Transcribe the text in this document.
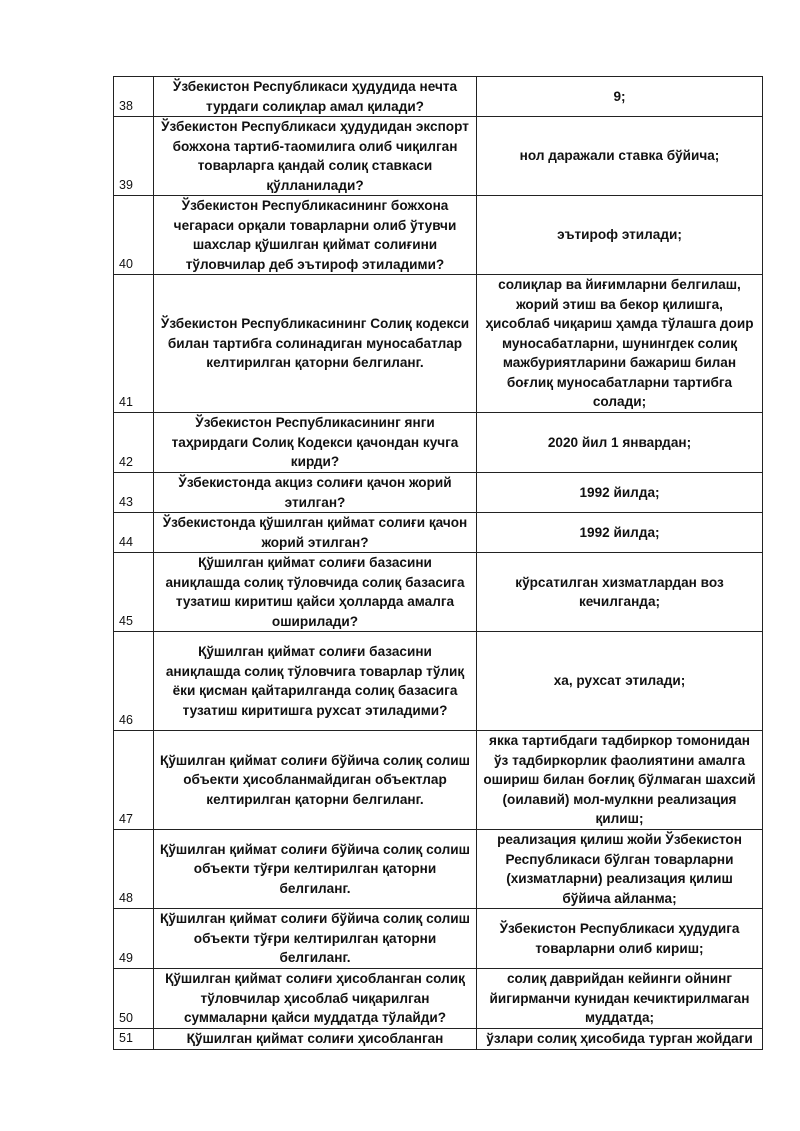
38	Ўзбекистон Республикаси ҳудудида нечта турдаги солиқлар амал қилади?	9;
39	Ўзбекистон Республикаси ҳудудидан экспорт божхона тартиб-таомилига олиб чиқилган товарларга қандай солиқ ставкаси қўлланилади?	нол даражали ставка бўйича;
40	Ўзбекистон Республикасининг божхона чегараси орқали товарларни олиб ўтувчи шахслар қўшилган қиймат солиғини тўловчилар деб эътироф этиладими?	эътироф этилади;
41	Ўзбекистон Республикасининг Солиқ кодекси билан тартибга солинадиган муносабатлар келтирилган қаторни белгиланг.	солиқлар ва йиғимларни белгилаш, жорий этиш ва бекор қилишга, ҳисоблаб чиқариш ҳамда тўлашга доир муносабатларни, шунингдек солиқ мажбуриятларини бажариш билан боғлиқ муносабатларни тартибга солади;
42	Ўзбекистон Республикасининг янги таҳрирдаги Солиқ Кодекси қачондан кучга кирди?	2020 йил 1 январдан;
43	Ўзбекистонда акциз солиғи қачон жорий этилган?	1992 йилда;
44	Ўзбекистонда қўшилган қиймат солиғи қачон жорий этилган?	1992 йилда;
45	Қўшилган қиймат солиғи базасини аниқлашда солиқ тўловчида солиқ базасига тузатиш киритиш қайси ҳолларда амалга оширилади?	кўрсатилган хизматлардан воз кечилганда;
46	Қўшилган қиймат солиғи базасини аниқлашда солиқ тўловчига товарлар тўлиқ ёки қисман қайтарилганда солиқ базасига тузатиш киритишга рухсат этиладими?	ха, рухсат этилади;
47	Қўшилган қиймат солиғи бўйича солиқ солиш объекти ҳисобланмайдиган объектлар келтирилган қаторни белгиланг.	якка тартибдаги тадбиркор томонидан ўз тадбиркорлик фаолиятини амалга ошириш билан боғлиқ бўлмаган шахсий (оилавий) мол-мулкни реализация қилиш;
48	Қўшилган қиймат солиғи бўйича солиқ солиш объекти тўғри келтирилган қаторни белгиланг.	реализация қилиш жойи Ўзбекистон Республикаси бўлган товарларни (хизматларни) реализация қилиш бўйича айланма;
49	Қўшилган қиймат солиғи бўйича солиқ солиш объекти тўғри келтирилган қаторни белгиланг.	Ўзбекистон Республикаси ҳудудига товарларни олиб кириш;
50	Қўшилган қиймат солиғи ҳисобланган солиқ тўловчилар ҳисоблаб чиқарилган суммаларни қайси муддатда тўлайди?	солиқ даврийдан кейинги ойнинг йигирманчи кунидан кечиктирилмаган муддатда;
51	Қўшилган қиймат солиғи ҳисобланган	ўзлари солиқ ҳисобида турган жойдаги
